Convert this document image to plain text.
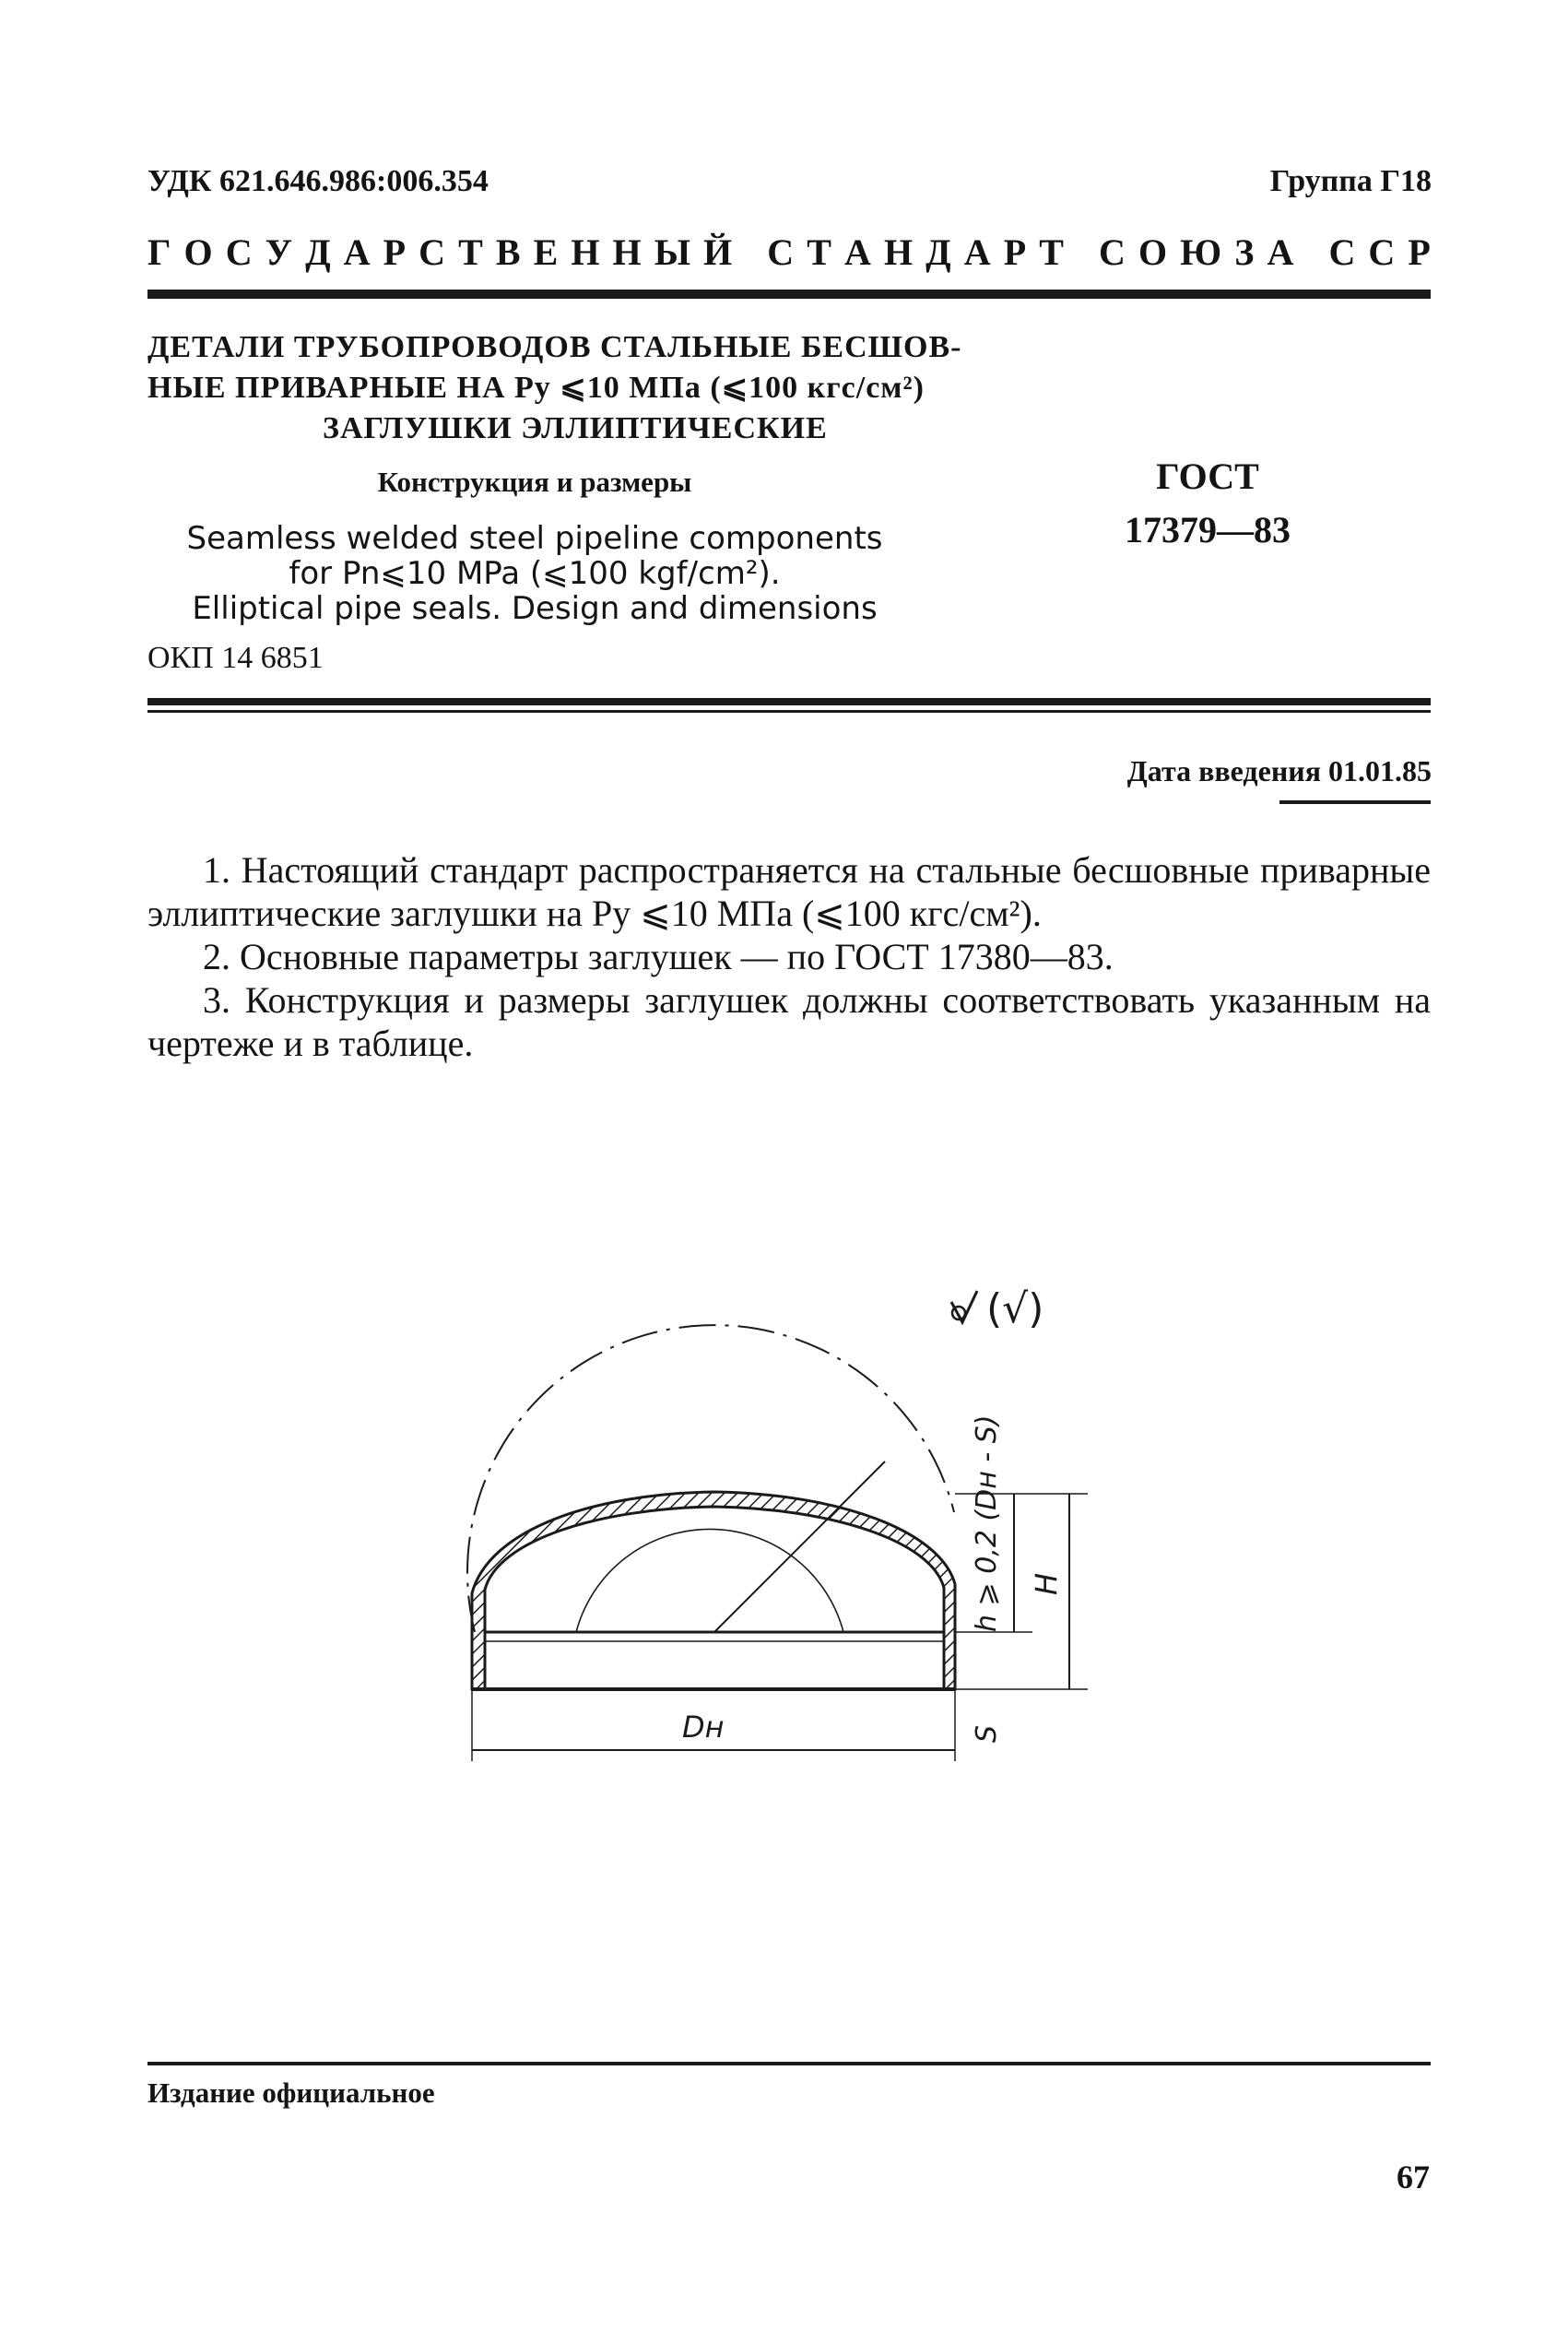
УДК 621.646.986:006.354	Группа Г18
Г О С У Д А Р С Т В Е Н Н Ы Й
С Т А Н Д А Р Т
С О Ю З А
С С Р
ДЕТАЛИ ТРУБОПРОВОДОВ СТАЛЬНЫЕ БЕСШОВ-
НЫЕ ПРИВАРНЫЕ НА Ру ⩽10 МПа (⩽100 кгс/см²)
ЗАГЛУШКИ ЭЛЛИПТИЧЕСКИЕ
Конструкция и размеры
Seamless welded steel pipeline components
for Pn⩽10 MPa (⩽100 kgf/cm²).
Elliptical pipe seals. Design and dimensions
ОКП 14 6851
ГОСТ
17379—83
Дата введения 01.01.85

1. Настоящий стандарт распространяется на стальные бесшовные приварные эллиптические заглушки на Ру ⩽10 МПа (⩽100 кгс/см²).

2. Основные параметры заглушек — по ГОСТ 17380—83.

3. Конструкция и размеры заглушек должны соответствовать указанным на чертеже и в таблице.

(√)
h ⩾ 0,2 (Dн - S) H
S
Dн
Издание официальное
67
